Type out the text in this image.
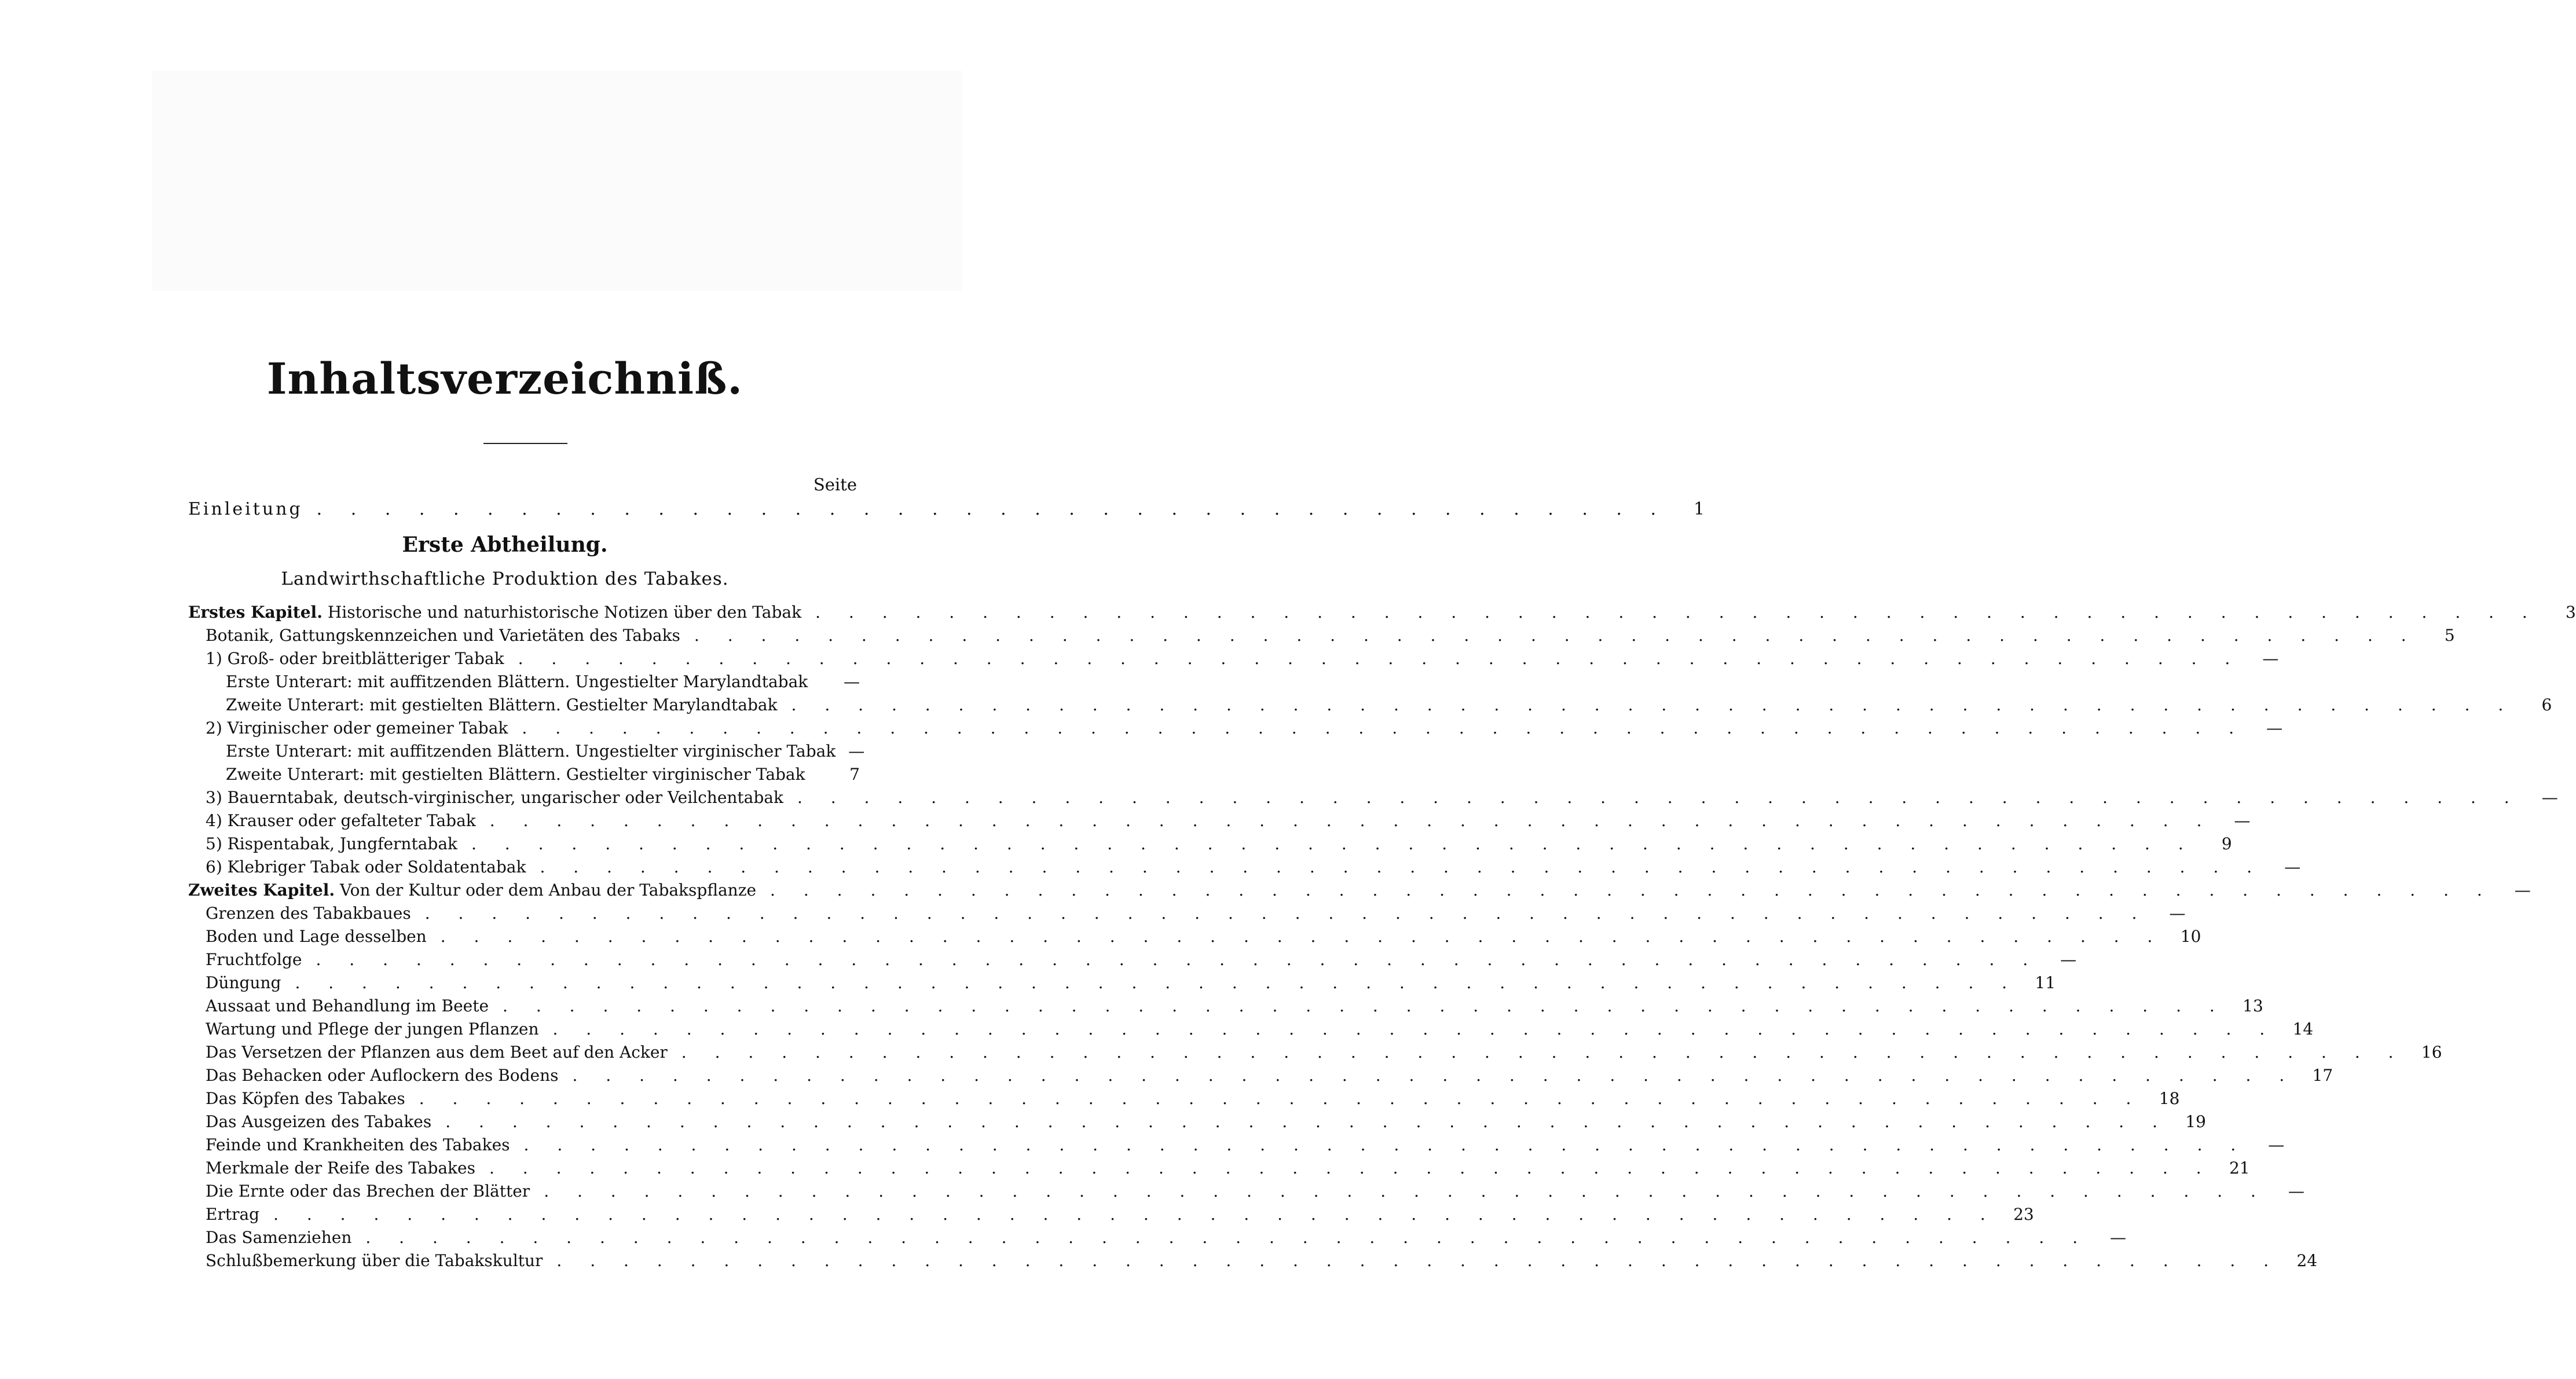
Inhaltsverzeichniß.
Seite
Einleitung . . . . . . . . . . . . . . . . . . . . . . . . . . . . . . . . . . . . . . . .	1
Erste Abtheilung.
Landwirthschaftliche Produktion des Tabakes.
Erstes Kapitel. Historische und naturhistorische Notizen über den Tabak . . . . . . . . . . . . . . . . . . . . . . . . . . . . . . . . . . . . . . . . . . . . . . . . . . . .	3
Botanik, Gattungskennzeichen und Varietäten des Tabaks . . . . . . . . . . . . . . . . . . . . . . . . . . . . . . . . . . . . . . . . . . . . . . . . . . . .	5
1) Groß- oder breitblätteriger Tabak . . . . . . . . . . . . . . . . . . . . . . . . . . . . . . . . . . . . . . . . . . . . . . . . . . . .	—
Erste Unterart: mit auffitzenden Blättern. Ungestielter Marylandtabak	—
Zweite Unterart: mit gestielten Blättern. Gestielter Marylandtabak . . . . . . . . . . . . . . . . . . . . . . . . . . . . . . . . . . . . . . . . . . . . . . . . . . . .	6
2) Virginischer oder gemeiner Tabak . . . . . . . . . . . . . . . . . . . . . . . . . . . . . . . . . . . . . . . . . . . . . . . . . . . .	—
Erste Unterart: mit auffitzenden Blättern. Ungestielter virginischer Tabak —
Zweite Unterart: mit gestielten Blättern. Gestielter virginischer Tabak	7
3) Bauerntabak, deutsch-virginischer, ungarischer oder Veilchentabak . . . . . . . . . . . . . . . . . . . . . . . . . . . . . . . . . . . . . . . . . . . . . . . . . . . .	—
4) Krauser oder gefalteter Tabak . . . . . . . . . . . . . . . . . . . . . . . . . . . . . . . . . . . . . . . . . . . . . . . . . . . .	—
5) Rispentabak, Jungferntabak . . . . . . . . . . . . . . . . . . . . . . . . . . . . . . . . . . . . . . . . . . . . . . . . . . . .	9
6) Klebriger Tabak oder Soldatentabak . . . . . . . . . . . . . . . . . . . . . . . . . . . . . . . . . . . . . . . . . . . . . . . . . . . .	—
Zweites Kapitel. Von der Kultur oder dem Anbau der Tabakspflanze . . . . . . . . . . . . . . . . . . . . . . . . . . . . . . . . . . . . . . . . . . . . . . . . . . . .	—
Grenzen des Tabakbaues . . . . . . . . . . . . . . . . . . . . . . . . . . . . . . . . . . . . . . . . . . . . . . . . . . . .	—
Boden und Lage desselben . . . . . . . . . . . . . . . . . . . . . . . . . . . . . . . . . . . . . . . . . . . . . . . . . . . .	10
Fruchtfolge . . . . . . . . . . . . . . . . . . . . . . . . . . . . . . . . . . . . . . . . . . . . . . . . . . . .	—
Düngung . . . . . . . . . . . . . . . . . . . . . . . . . . . . . . . . . . . . . . . . . . . . . . . . . . . .	11
Aussaat und Behandlung im Beete . . . . . . . . . . . . . . . . . . . . . . . . . . . . . . . . . . . . . . . . . . . . . . . . . . . .	13
Wartung und Pflege der jungen Pflanzen . . . . . . . . . . . . . . . . . . . . . . . . . . . . . . . . . . . . . . . . . . . . . . . . . . . .	14
Das Versetzen der Pflanzen aus dem Beet auf den Acker . . . . . . . . . . . . . . . . . . . . . . . . . . . . . . . . . . . . . . . . . . . . . . . . . . . .	16
Das Behacken oder Auflockern des Bodens . . . . . . . . . . . . . . . . . . . . . . . . . . . . . . . . . . . . . . . . . . . . . . . . . . . .	17
Das Köpfen des Tabakes . . . . . . . . . . . . . . . . . . . . . . . . . . . . . . . . . . . . . . . . . . . . . . . . . . . .	18
Das Ausgeizen des Tabakes . . . . . . . . . . . . . . . . . . . . . . . . . . . . . . . . . . . . . . . . . . . . . . . . . . . .	19
Feinde und Krankheiten des Tabakes . . . . . . . . . . . . . . . . . . . . . . . . . . . . . . . . . . . . . . . . . . . . . . . . . . . .	—
Merkmale der Reife des Tabakes . . . . . . . . . . . . . . . . . . . . . . . . . . . . . . . . . . . . . . . . . . . . . . . . . . . .	21
Die Ernte oder das Brechen der Blätter . . . . . . . . . . . . . . . . . . . . . . . . . . . . . . . . . . . . . . . . . . . . . . . . . . . .	—
Ertrag . . . . . . . . . . . . . . . . . . . . . . . . . . . . . . . . . . . . . . . . . . . . . . . . . . . .	23
Das Samenziehen . . . . . . . . . . . . . . . . . . . . . . . . . . . . . . . . . . . . . . . . . . . . . . . . . . . .	—
Schlußbemerkung über die Tabakskultur . . . . . . . . . . . . . . . . . . . . . . . . . . . . . . . . . . . . . . . . . . . . . . . . . . . .	24
